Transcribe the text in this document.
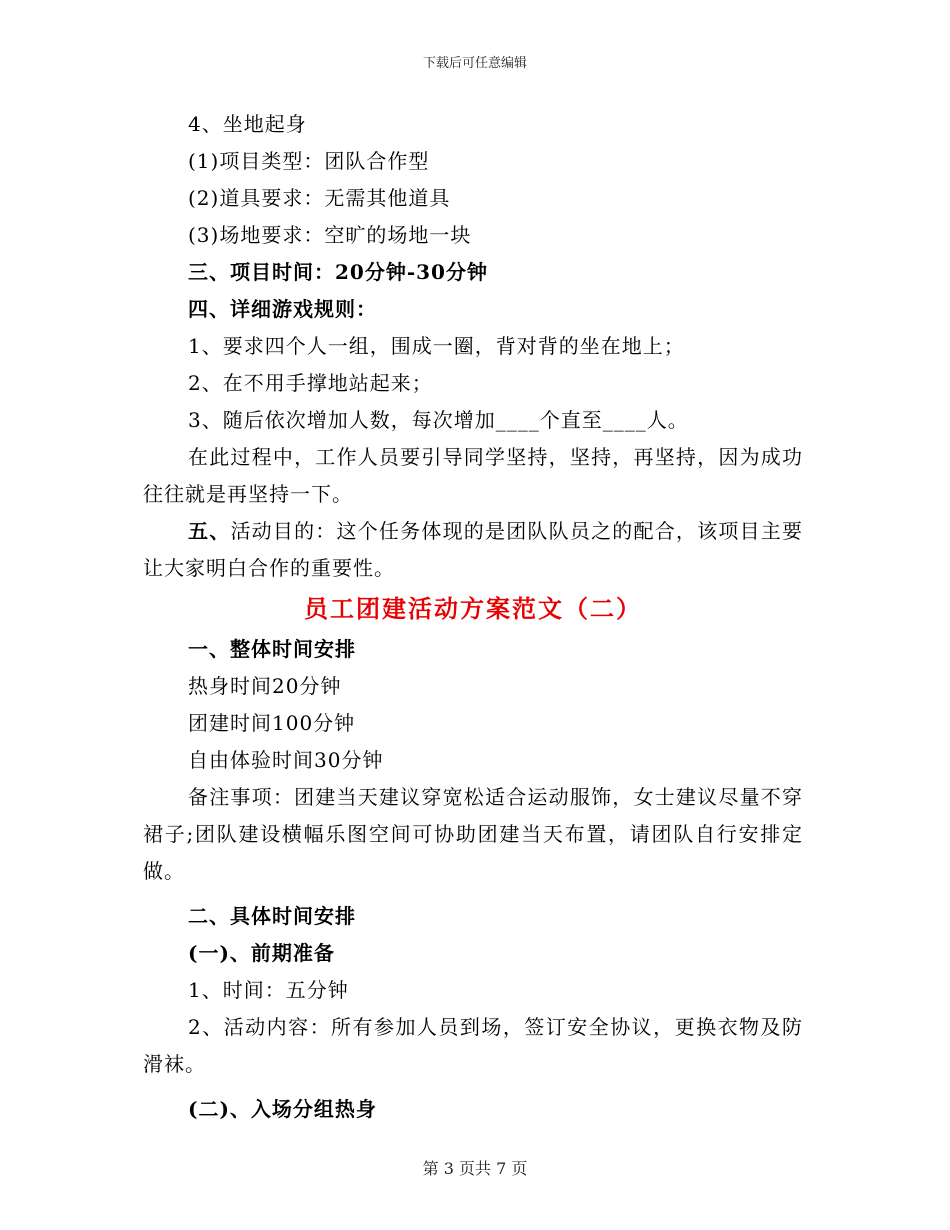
下载后可任意编辑
4、坐地起身
(1)项目类型：团队合作型
(2)道具要求：无需其他道具
(3)场地要求：空旷的场地一块
三、项目时间：20分钟-30分钟
四、详细游戏规则：
1、要求四个人一组，围成一圈，背对背的坐在地上；
2、在不用手撑地站起来；
3、随后依次增加人数，每次增加____个直至____人。
在此过程中，工作人员要引导同学坚持，坚持，再坚持，因为成功往往就是再坚持一下。
五、活动目的：这个任务体现的是团队队员之的配合，该项目主要让大家明白合作的重要性。
员工团建活动方案范文（二）
一、整体时间安排
热身时间20分钟
团建时间100分钟
自由体验时间30分钟
备注事项：团建当天建议穿宽松适合运动服饰，女士建议尽量不穿裙子;团队建设横幅乐图空间可协助团建当天布置，请团队自行安排定做。
二、具体时间安排
(一)、前期准备
1、时间：五分钟
2、活动内容：所有参加人员到场，签订安全协议，更换衣物及防滑袜。
(二)、入场分组热身
第 3 页共 7 页
